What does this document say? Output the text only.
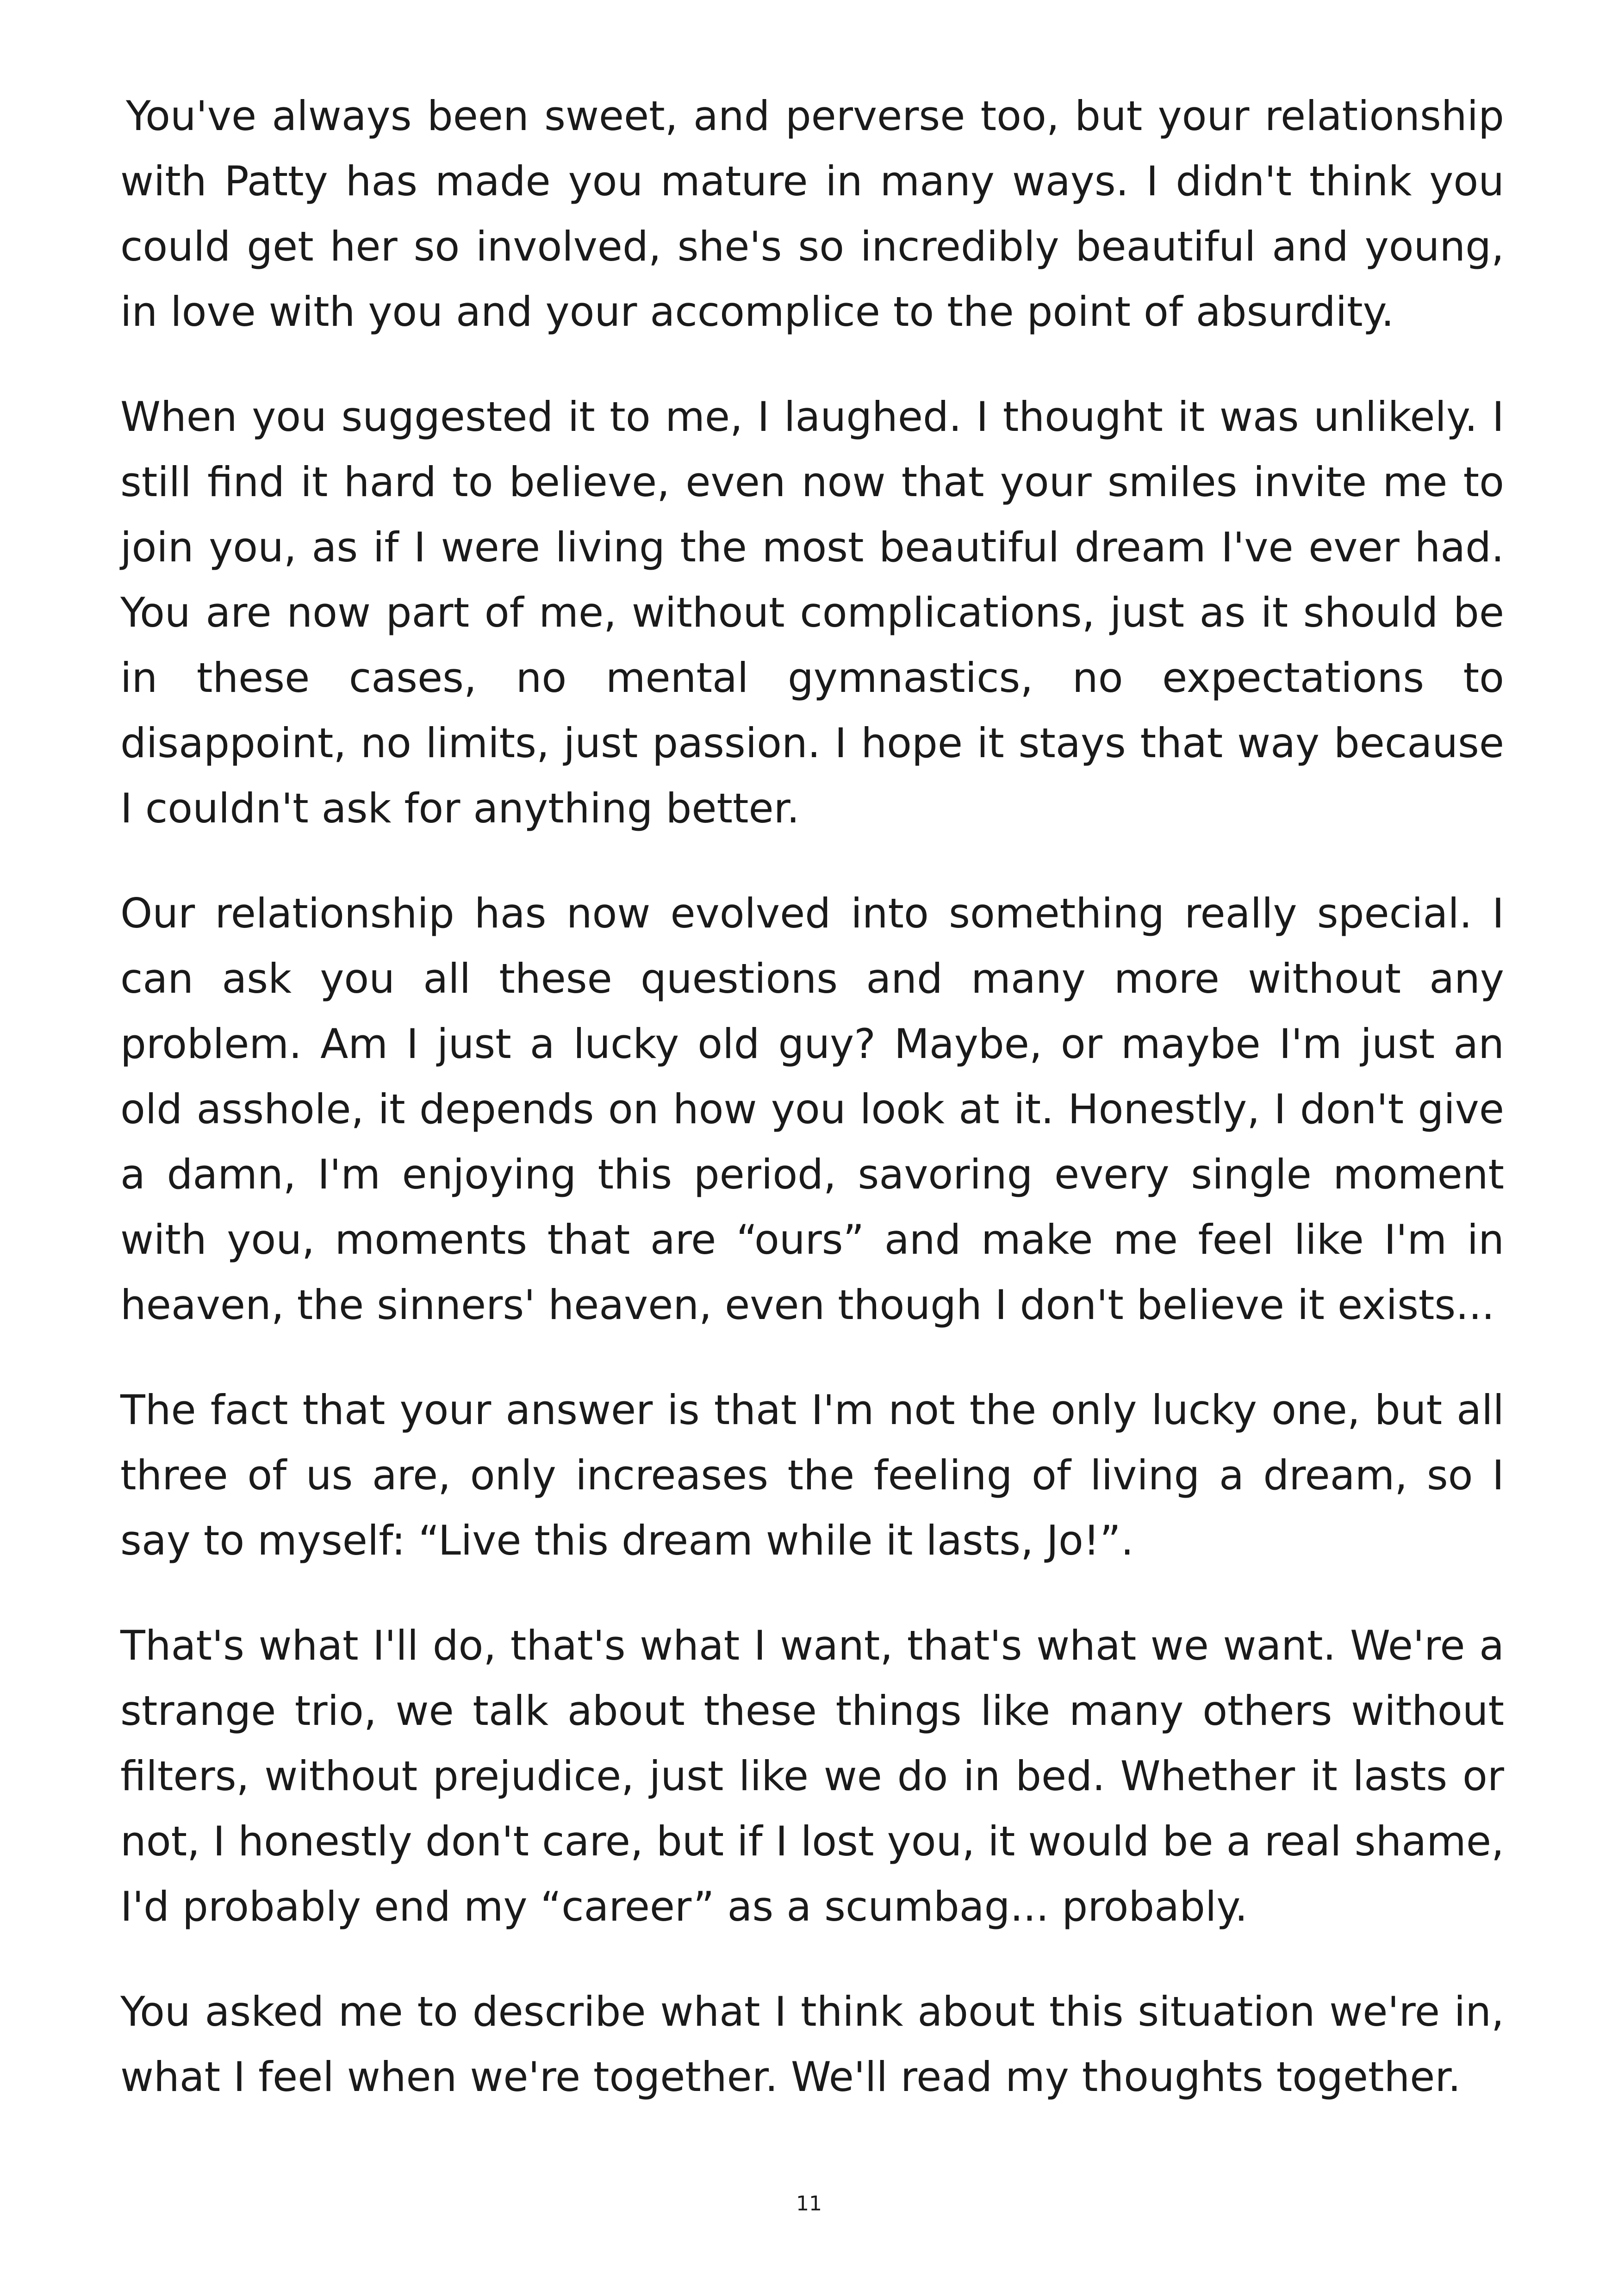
You've always been sweet, and perverse too, but your relationship with Patty has made you mature in many ways. I didn't think you could get her so involved, she's so incredibly beautiful and young, in love with you and your accomplice to the point of absurdity.

When you suggested it to me, I laughed. I thought it was unlikely. I still find it hard to believe, even now that your smiles invite me to join you, as if I were living the most beautiful dream I've ever had. You are now part of me, without complications, just as it should be in these cases, no mental gymnastics, no expectations to disappoint, no limits, just passion. I hope it stays that way because I couldn't ask for anything better.

Our relationship has now evolved into something really special. I can ask you all these questions and many more without any problem. Am I just a lucky old guy? Maybe, or maybe I'm just an old asshole, it depends on how you look at it. Honestly, I don't give a damn, I'm enjoying this period, savoring every single moment with you, moments that are “ours” and make me feel like I'm in heaven, the sinners' heaven, even though I don't believe it exists...

The fact that your answer is that I'm not the only lucky one, but all three of us are, only increases the feeling of living a dream, so I say to myself: “Live this dream while it lasts, Jo!”.

That's what I'll do, that's what I want, that's what we want. We're a strange trio, we talk about these things like many others without filters, without prejudice, just like we do in bed. Whether it lasts or not, I honestly don't care, but if I lost you, it would be a real shame, I'd probably end my “career” as a scumbag... probably.

You asked me to describe what I think about this situation we're in, what I feel when we're together. We'll read my thoughts together.

11
